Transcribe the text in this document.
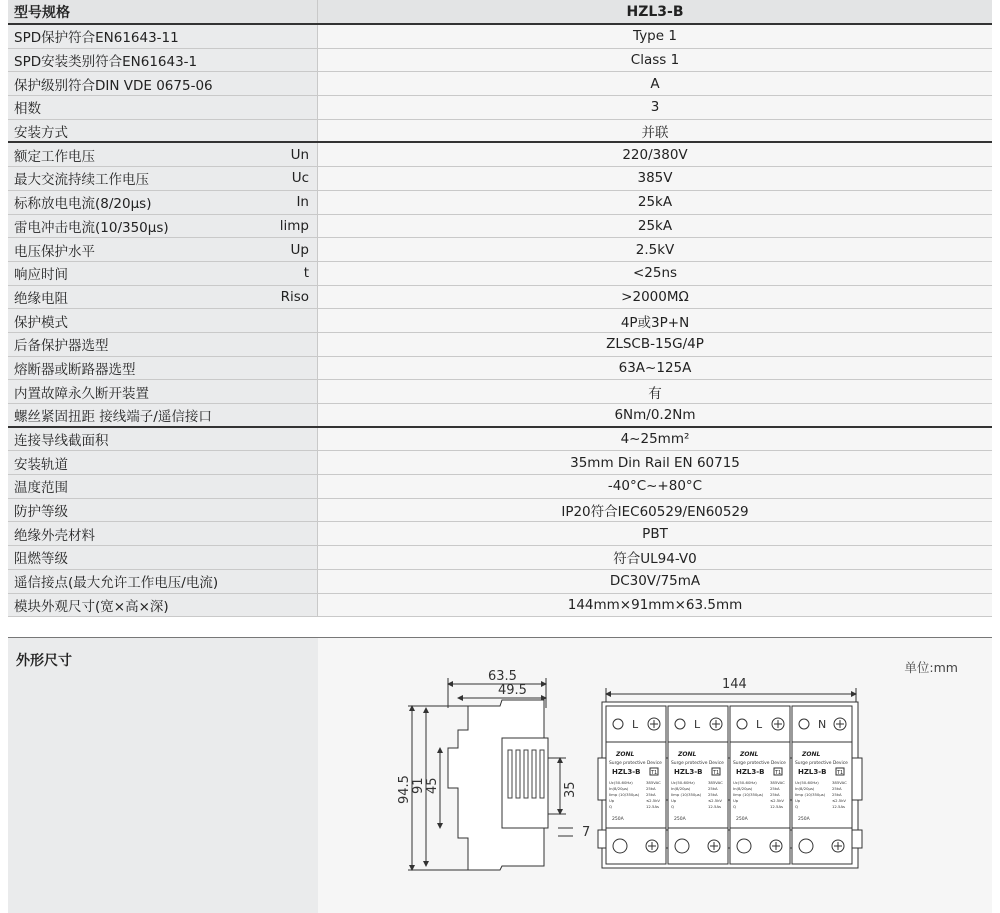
型号规格	HZL3-B
SPD保护符合EN61643-11	Type 1
SPD安装类别符合EN61643-1	Class 1
保护级别符合DIN VDE 0675-06	A
相数	3
安装方式	并联
额定工作电压	Un	220/380V
最大交流持续工作电压	Uc	385V
标称放电电流(8/20μs)	In	25kA
雷电冲击电流(10/350μs)	limp	25kA
电压保护水平	Up	2.5kV
响应时间	t	<25ns
绝缘电阻	Riso	>2000MΩ
保护模式	4P或3P+N
后备保护器选型	ZLSCB-15G/4P
熔断器或断路器选型	63A~125A
内置故障永久断开装置	有
螺丝紧固扭距 接线端子/遥信接口	6Nm/0.2Nm
连接导线截面积	4~25mm²
安装轨道	35mm Din Rail EN 60715
温度范围	-40°C~+80°C
防护等级	IP20符合IEC60529/EN60529
绝缘外壳材料	PBT
阻燃等级	符合UL94-V0
遥信接点(最大允许工作电压/电流)	DC30V/75mA
模块外观尺寸(宽×高×深)	144mm×91mm×63.5mm
外形尺寸	单位:mm
63.5
49.5
94.5 91 45	35
7
144
L
ZONL
Surge protective Device
HZL3-B T1
Uc(50-60Hz)	385VAC
In(8/20μs)	25kA
Iimp (10/350μs) 25kA
Up	≤2.5kV
Q	12.5As
250A
L
ZONL
Surge protective Device
HZL3-B T1
Uc(50-60Hz)	385VAC
In(8/20μs)	25kA
Iimp (10/350μs) 25kA
Up	≤2.5kV
Q	12.5As
250A
L
ZONL
Surge protective Device
HZL3-B T1
Uc(50-60Hz)	385VAC
In(8/20μs)	25kA
Iimp (10/350μs) 25kA
Up	≤2.5kV
Q	12.5As
250A
N
ZONL
Surge protective Device
HZL3-B T1
Uc(50-60Hz)	385VAC
In(8/20μs)	25kA
Iimp (10/350μs) 25kA
Up	≤2.5kV
Q	12.5As
250A
